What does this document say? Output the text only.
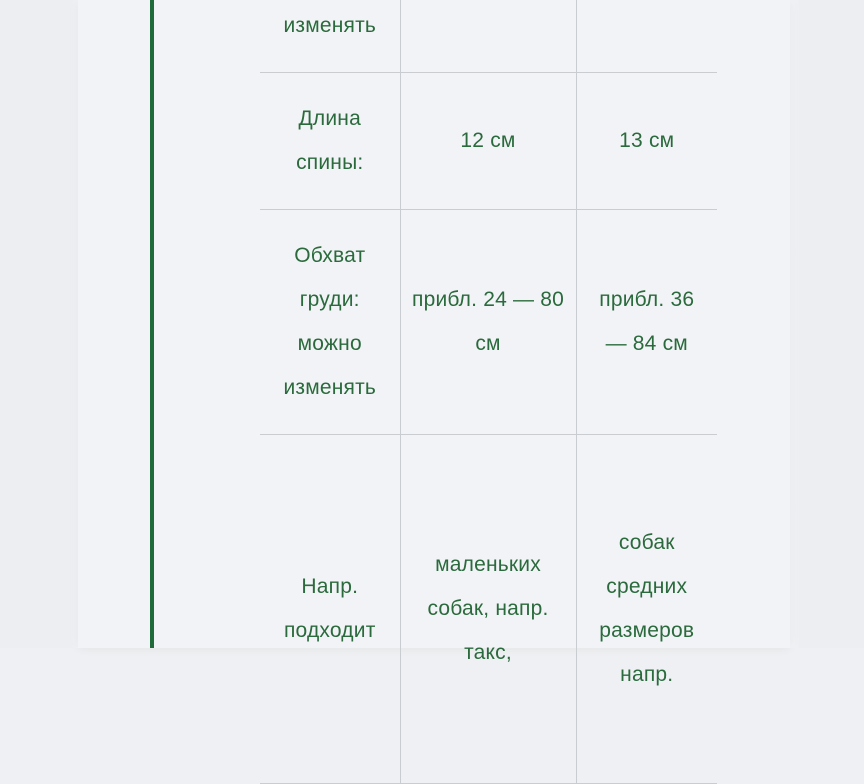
изменять		

Длина спины:	12 см	13 см

Обхват груди: можно изменять	прибл. 24 — 80 см	прибл. 36 — 84 см

Напр. подходит	маленьких собак, напр. такс,	собак средних размеров напр.
